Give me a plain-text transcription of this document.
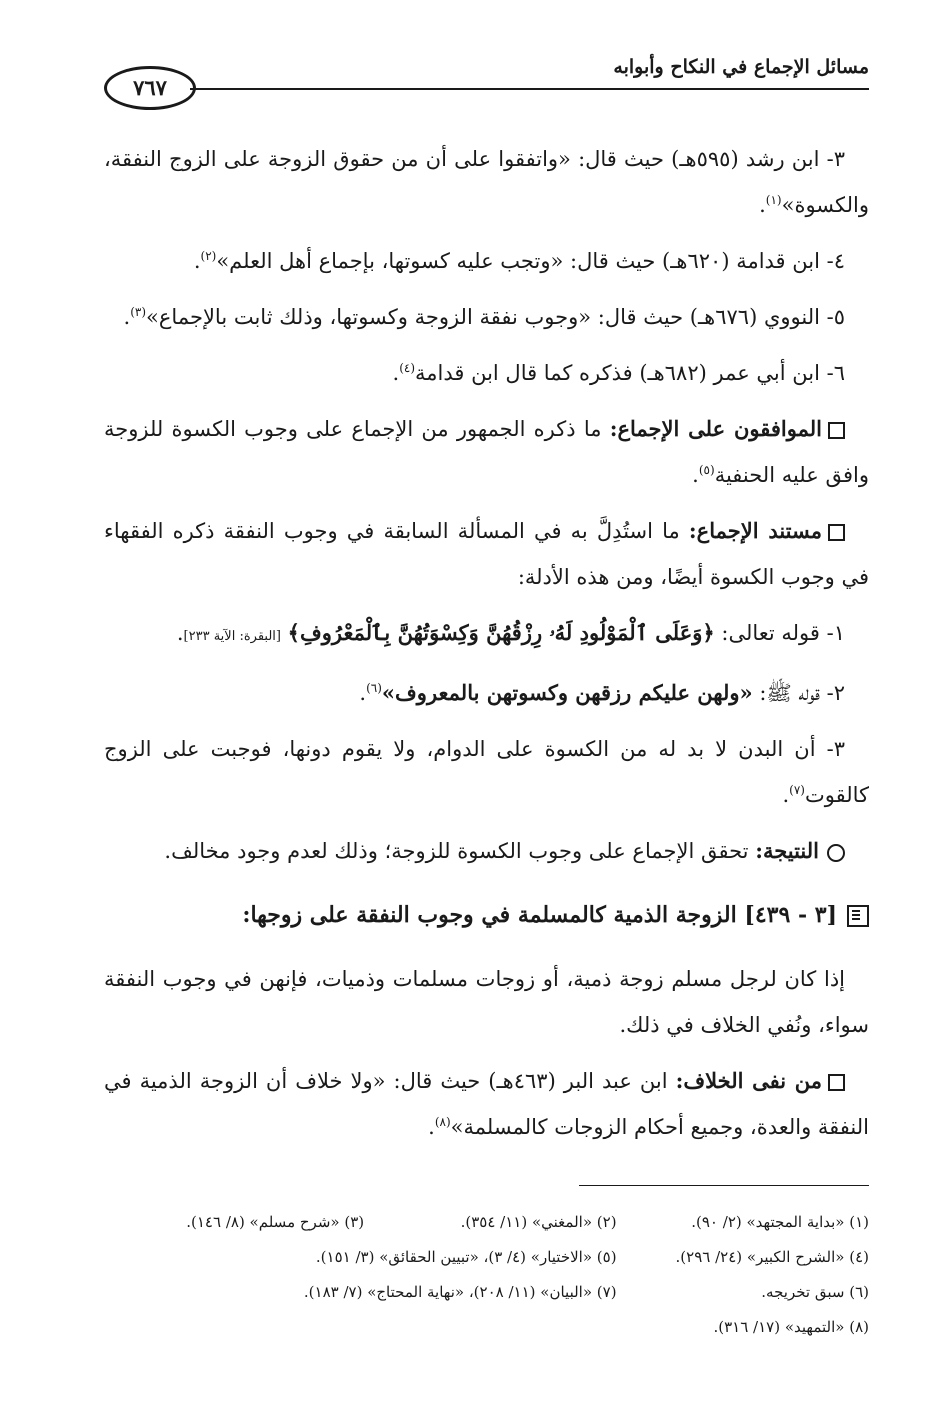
مسائل الإجماع في النكاح وأبوابه
٧٦٧

٣- ابن رشد (٥٩٥هـ) حيث قال: «واتفقوا على أن من حقوق الزوجة على الزوج النفقة، والكسوة»$^{(١)}$.

٤- ابن قدامة (٦٢٠هـ) حيث قال: «وتجب عليه كسوتها، بإجماع أهل العلم»$^{(٢)}$.

٥- النووي (٦٧٦هـ) حيث قال: «وجوب نفقة الزوجة وكسوتها، وذلك ثابت بالإجماع»$^{(٣)}$.

٦- ابن أبي عمر (٦٨٢هـ) فذكره كما قال ابن قدامة$^{(٤)}$.

الموافقون على الإجماع: ما ذكره الجمهور من الإجماع على وجوب الكسوة للزوجة وافق عليه الحنفية$^{(٥)}$.

مستند الإجماع: ما استُدِلَّ به في المسألة السابقة في وجوب النفقة ذكره الفقهاء في وجوب الكسوة أيضًا، ومن هذه الأدلة:

١- قوله تعالى: ﴿وَعَلَى ٱلْمَوْلُودِ لَهُۥ رِزْقُهُنَّ وَكِسْوَتُهُنَّ بِٱلْمَعْرُوفِ﴾ [البقرة: الآية ٢٣٣].

٢- قوله ﷺ: «ولهن عليكم رزقهن وكسوتهن بالمعروف»$^{(٦)}$.

٣- أن البدن لا بد له من الكسوة على الدوام، ولا يقوم دونها، فوجبت على الزوج كالقوت$^{(٧)}$.

النتيجة: تحقق الإجماع على وجوب الكسوة للزوجة؛ وذلك لعدم وجود مخالف.

[٣ - ٤٣٩] الزوجة الذمية كالمسلمة في وجوب النفقة على زوجها:

إذا كان لرجل مسلم زوجة ذمية، أو زوجات مسلمات وذميات، فإنهن في وجوب النفقة سواء، ونُفي الخلاف في ذلك.

من نفى الخلاف: ابن عبد البر (٤٦٣هـ) حيث قال: «ولا خلاف أن الزوجة الذمية في النفقة والعدة، وجميع أحكام الزوجات كالمسلمة»$^{(٨)}$.

(١) «بداية المجتهد» (٢/ ٩٠).
(٢) «المغني» (١١/ ٣٥٤).
(٣) «شرح مسلم» (٨/ ١٤٦).
(٤) «الشرح الكبير» (٢٤/ ٢٩٦).
(٥) «الاختيار» (٤/ ٣)، «تبيين الحقائق» (٣/ ١٥١).
(٦) سبق تخريجه.
(٧) «البيان» (١١/ ٢٠٨)، «نهاية المحتاج» (٧/ ١٨٣).
(٨) «التمهيد» (١٧/ ٣١٦).
